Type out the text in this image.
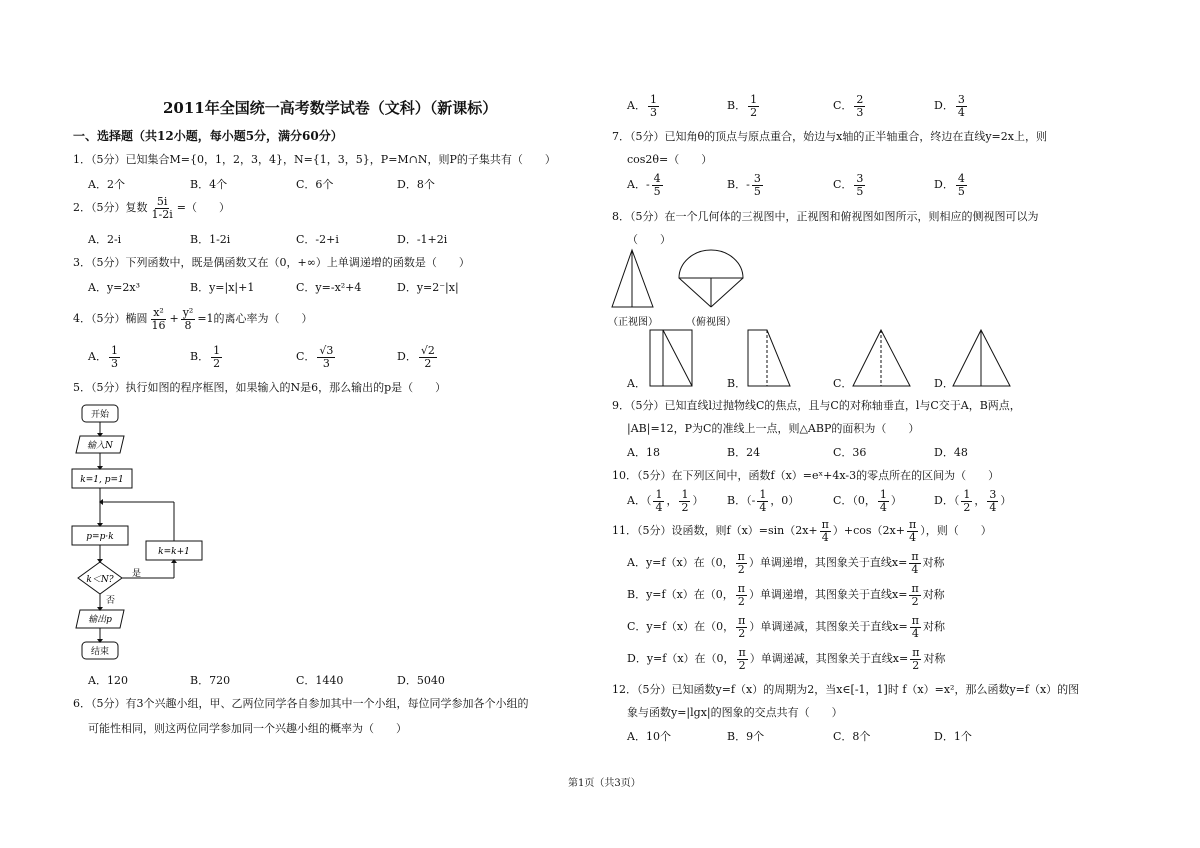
2011年全国统一高考数学试卷（文科）（新课标）
一、选择题（共12小题，每小题5分，满分60分）
1．（5分）已知集合M={0，1，2，3，4}，N={1，3，5}，P=M∩N，则P的子集共有（　　）
A．2个	B．4个	C．6个	D．8个
2．（5分）复数 $\frac{5i}{1-2i}$ =（　　）
A．2-i	B．1-2i	C．-2+i	D．-1+2i
3．（5分）下列函数中，既是偶函数又在（0，+∞）上单调递增的函数是（　　）
A．y=2x³	B．y=|x|+1	C．y=-x²+4	D．y=2⁻|x|
4．（5分）椭圆 $\frac{\text{x²}}{16} + \frac{\text{y²}}{8} =1$的离心率为（　　）
A． $\frac{1}{3}$	B． $\frac{1}{2}$	C． $\frac{√3}{3}$	D． $\frac{√2}{2}$
5．（5分）执行如图的程序框图，如果输入的N是6，那么输出的p是（　　）
开始
输入N
k=1, p=1
p=p·k
k=k+1
k＜N?
是
否
输出p
结束
A．120	B．720	C．1440	D．5040
6．（5分）有3个兴趣小组，甲、乙两位同学各自参加其中一个小组，每位同学参加各个小组的
可能性相同，则这两位同学参加同一个兴趣小组的概率为（　　）
A． $\frac{1}{3}$	B． $\frac{1}{2}$	C． $\frac{2}{3}$	D． $\frac{3}{4}$
7．（5分）已知角θ的顶点与原点重合，始边与x轴的正半轴重合，终边在直线y=2x上，则
cos2θ=（　　）
A．- $\frac{4}{5}$	B．- $\frac{3}{5}$	C． $\frac{3}{5}$	D． $\frac{4}{5}$
8．（5分）在一个几何体的三视图中，正视图和俯视图如图所示，则相应的侧视图可以为
（　　）
（正视图）	（俯视图）
A．	B．	C．	D．
9．（5分）已知直线l过抛物线C的焦点，且与C的对称轴垂直，l与C交于A，B两点，
|AB|=12，P为C的准线上一点，则△ABP的面积为（　　）
A．18	B．24	C．36	D．48
10．（5分）在下列区间中，函数f（x）=eˣ+4x-3的零点所在的区间为（　　）
A．（ $\frac{1}{4}$ ， $\frac{1}{2}$ ） B．（- $\frac{1}{4}$ ，0）	C．（0， $\frac{1}{4}$ ）	D．（ $\frac{1}{2}$ ， $\frac{3}{4}$ ）
11．（5分）设函数，则$f(x)=\sin(2x+ \frac{\pi}{4} )+\cos(2x+ \frac{\pi}{4}$ ），则（　　）
A．y=f（x）在（0， $\frac{\pi}{2}$ ）单调递增，其图象关于直线$x= \frac{\pi}{4}$ 对称
B．y=f（x）在（0， $\frac{\pi}{2}$ ）单调递增，其图象关于直线$x= \frac{\pi}{2}$ 对称
C．y=f（x）在（0， $\frac{\pi}{2}$ ）单调递减，其图象关于直线$x= \frac{\pi}{4}$ 对称
D．y=f（x）在（0， $\frac{\pi}{2}$ ）单调递减，其图象关于直线$x= \frac{\pi}{2}$ 对称
12．（5分）已知函数y=f（x）的周期为2，当x∈[-1，1]时 f（x）=x²，那么函数y=f（x）的图
象与函数y=|lgx|的图象的交点共有（　　）
A．10个	B．9个	C．8个	D．1个
第1页（共3页）
